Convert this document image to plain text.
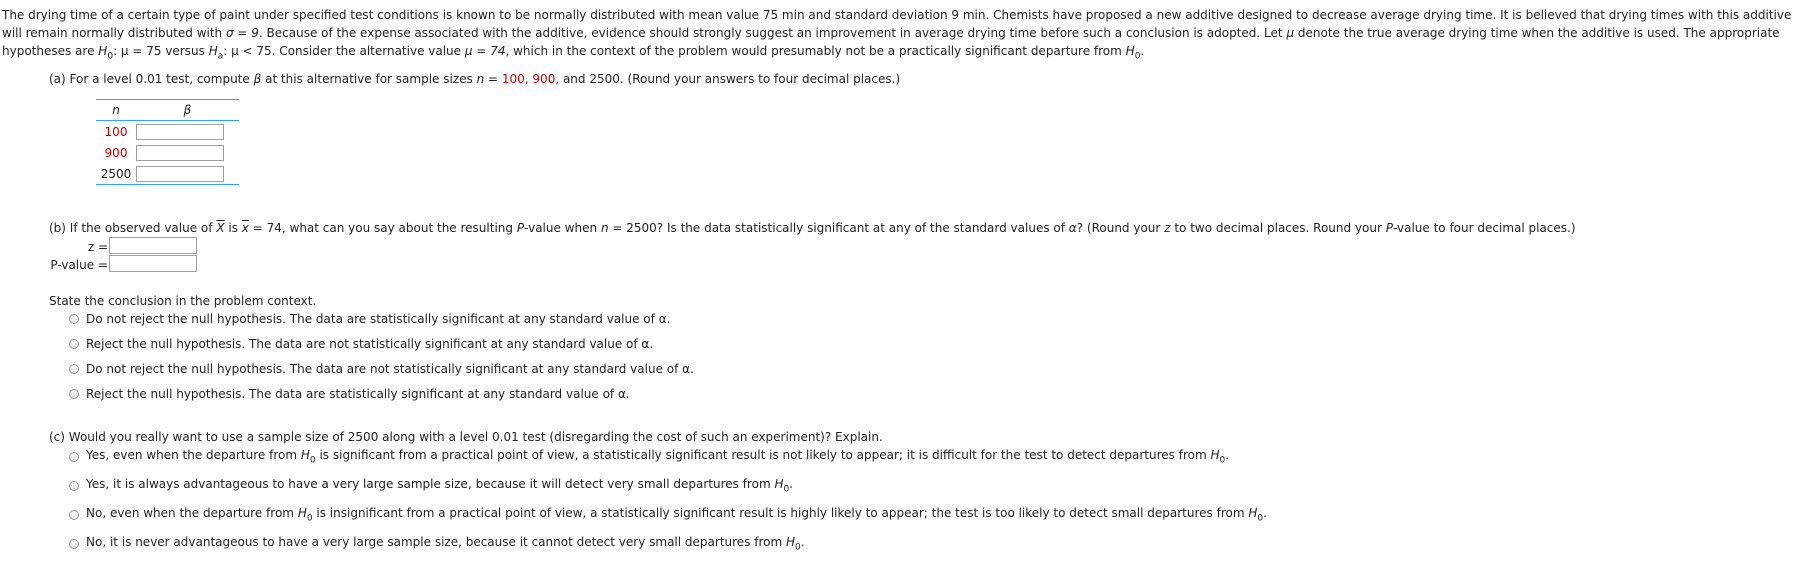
The drying time of a certain type of paint under specified test conditions is known to be normally distributed with mean value 75 min and standard deviation 9 min. Chemists have proposed a new additive designed to decrease average drying time. It is believed that drying times with this additive will remain normally distributed with σ = 9. Because of the expense associated with the additive, evidence should strongly suggest an improvement in average drying time before such a conclusion is adopted. Let μ denote the true average drying time when the additive is used. The appropriate hypotheses are $H_0$: μ = 75 versus $H_a$: μ < 75. Consider the alternative value μ = 74, which in the context of the problem would presumably not be a practically significant departure from $H_0$.
(a) For a level 0.01 test, compute β at this alternative for sample sizes n = 100, 900, and 2500. (Round your answers to four decimal places.)
n	β
100	
900	
2500	
(b) If the observed value of $\overline{X}$ is $\overline{x} = 74$, what can you say about the resulting P-value when n = 2500? Is the data statistically significant at any of the standard values of α? (Round your z to two decimal places. Round your P-value to four decimal places.)
z =
P-value =
State the conclusion in the problem context.
Do not reject the null hypothesis. The data are statistically significant at any standard value of α.
Reject the null hypothesis. The data are not statistically significant at any standard value of α.
Do not reject the null hypothesis. The data are not statistically significant at any standard value of α.
Reject the null hypothesis. The data are statistically significant at any standard value of α.
(c) Would you really want to use a sample size of 2500 along with a level 0.01 test (disregarding the cost of such an experiment)? Explain.
Yes, even when the departure from $H_0$ is significant from a practical point of view, a statistically significant result is not likely to appear; it is difficult for the test to detect departures from $H_0$.
Yes, it is always advantageous to have a very large sample size, because it will detect very small departures from $H_0$.
No, even when the departure from $H_0$ is insignificant from a practical point of view, a statistically significant result is highly likely to appear; the test is too likely to detect small departures from $H_0$.
No, it is never advantageous to have a very large sample size, because it cannot detect very small departures from $H_0$.
